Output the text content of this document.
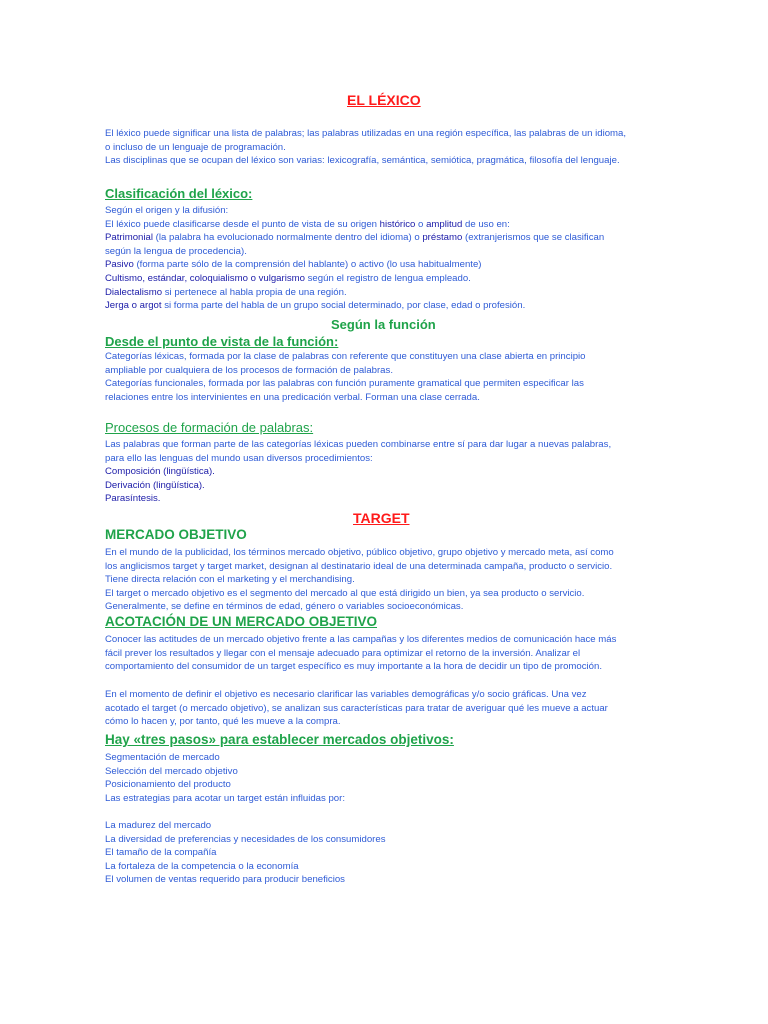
EL LÉXICO

El léxico puede significar una lista de palabras; las palabras utilizadas en una región específica, las palabras de un idioma,

o incluso de un lenguaje de programación.

Las disciplinas que se ocupan del léxico son varias: lexicografía, semántica, semiótica, pragmática, filosofía del lenguaje.

Clasificación del léxico:

Según el origen y la difusión:

El léxico puede clasificarse desde el punto de vista de su origen histórico o amplitud de uso en:

Patrimonial (la palabra ha evolucionado normalmente dentro del idioma) o préstamo (extranjerismos que se clasifican

según la lengua de procedencia).

Pasivo (forma parte sólo de la comprensión del hablante) o activo (lo usa habitualmente)

Cultismo, estándar, coloquialismo o vulgarismo según el registro de lengua empleado.

Dialectalismo si pertenece al habla propia de una región.

Jerga o argot si forma parte del habla de un grupo social determinado, por clase, edad o profesión.

Según la función
Desde el punto de vista de la función:

Categorías léxicas, formada por la clase de palabras con referente que constituyen una clase abierta en principio

ampliable por cualquiera de los procesos de formación de palabras.

Categorías funcionales, formada por las palabras con función puramente gramatical que permiten especificar las

relaciones entre los intervinientes en una predicación verbal. Forman una clase cerrada.

Procesos de formación de palabras:

Las palabras que forman parte de las categorías léxicas pueden combinarse entre sí para dar lugar a nuevas palabras,

para ello las lenguas del mundo usan diversos procedimientos:

Composición (lingüística).

Derivación (lingüística).

Parasíntesis.

TARGET
MERCADO OBJETIVO

En el mundo de la publicidad, los términos mercado objetivo, público objetivo, grupo objetivo y mercado meta, así como

los anglicismos target y target market, designan al destinatario ideal de una determinada campaña, producto o servicio.

Tiene directa relación con el marketing y el merchandising.

El target o mercado objetivo es el segmento del mercado al que está dirigido un bien, ya sea producto o servicio.

Generalmente, se define en términos de edad, género o variables socioeconómicas.

ACOTACIÓN DE UN MERCADO OBJETIVO

Conocer las actitudes de un mercado objetivo frente a las campañas y los diferentes medios de comunicación hace más

fácil prever los resultados y llegar con el mensaje adecuado para optimizar el retorno de la inversión. Analizar el

comportamiento del consumidor de un target específico es muy importante a la hora de decidir un tipo de promoción.

En el momento de definir el objetivo es necesario clarificar las variables demográficas y/o socio gráficas. Una vez

acotado el target (o mercado objetivo), se analizan sus características para tratar de averiguar qué les mueve a actuar

cómo lo hacen y, por tanto, qué les mueve a la compra.

Hay «tres pasos» para establecer mercados objetivos:

Segmentación de mercado

Selección del mercado objetivo

Posicionamiento del producto

Las estrategias para acotar un target están influidas por:

La madurez del mercado

La diversidad de preferencias y necesidades de los consumidores

El tamaño de la compañía

La fortaleza de la competencia o la economía

El volumen de ventas requerido para producir beneficios
